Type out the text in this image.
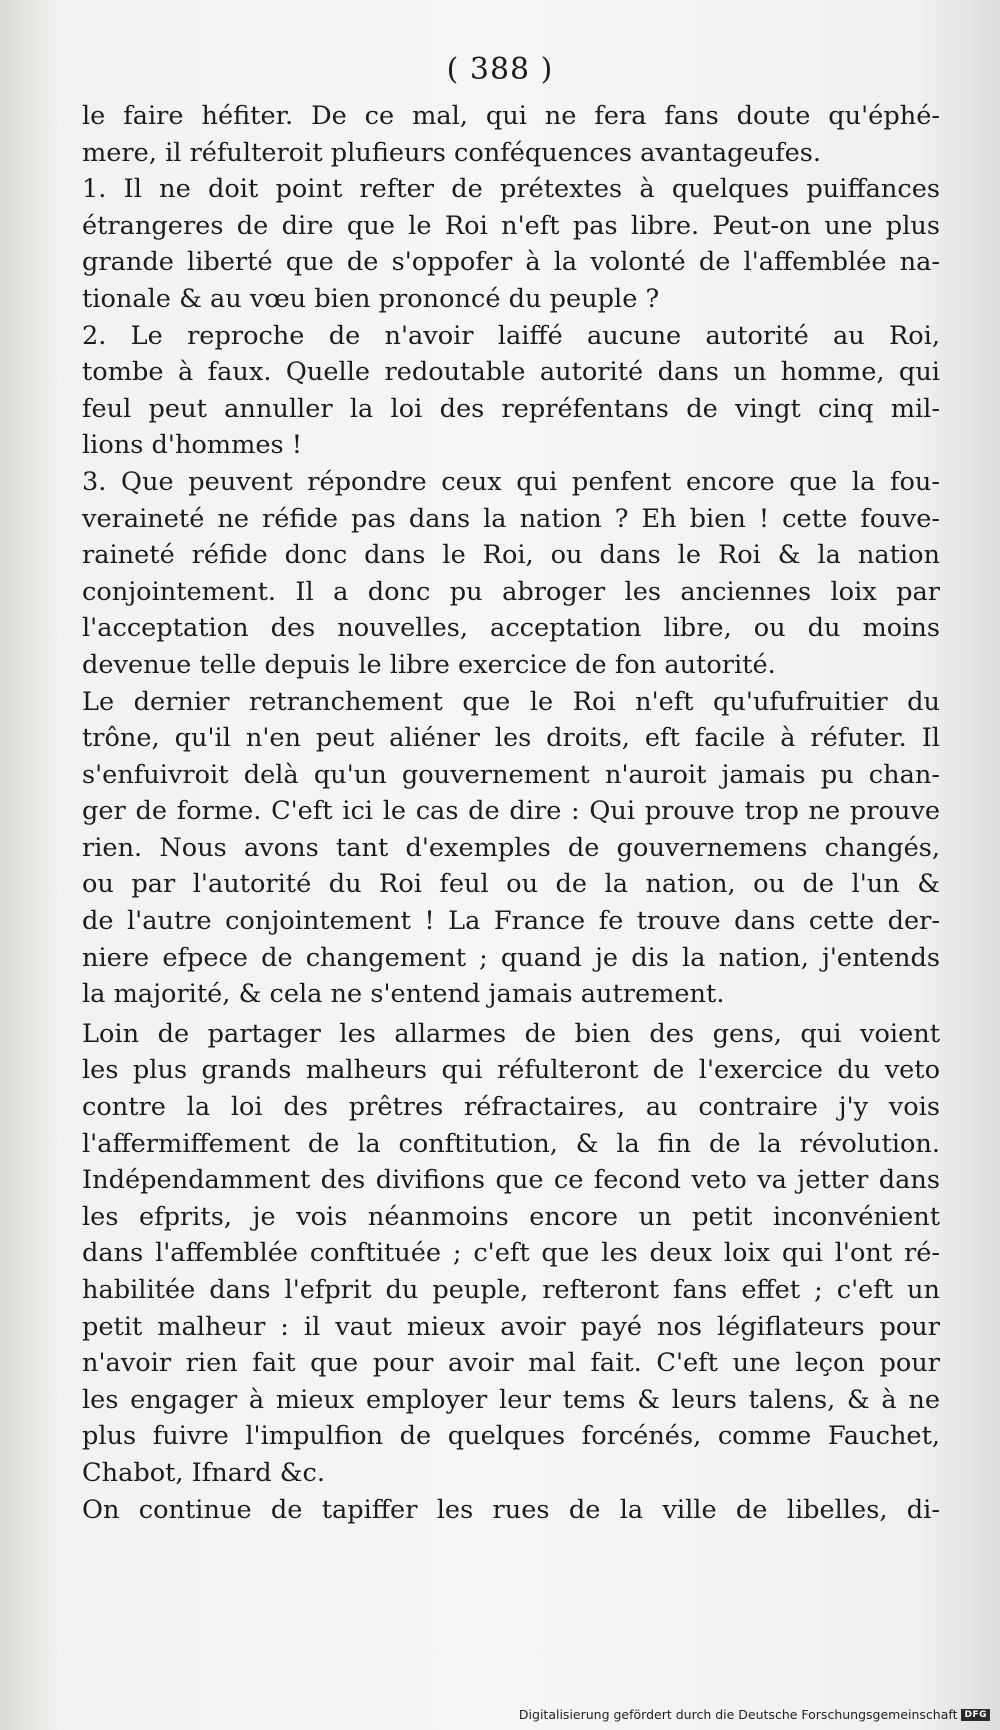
( 388 )
le faire héfiter. De ce mal, qui ne fera fans doute qu'éphé-
mere, il réfulteroit plufieurs conféquences avantageufes.
1. Il ne doit point refter de prétextes à quelques puiffances
étrangeres de dire que le Roi n'eft pas libre. Peut-on une plus
grande liberté que de s'oppofer à la volonté de l'affemblée na-
tionale & au vœu bien prononcé du peuple ?
2. Le reproche de n'avoir laiffé aucune autorité au Roi,
tombe à faux. Quelle redoutable autorité dans un homme, qui
feul peut annuller la loi des repréfentans de vingt cinq mil-
lions d'hommes !
3. Que peuvent répondre ceux qui penfent encore que la fou-
veraineté ne réfide pas dans la nation ? Eh bien ! cette fouve-
raineté réfide donc dans le Roi, ou dans le Roi & la nation
conjointement. Il a donc pu abroger les anciennes loix par
l'acceptation des nouvelles, acceptation libre, ou du moins
devenue telle depuis le libre exercice de fon autorité.
Le dernier retranchement que le Roi n'eft qu'ufufruitier du
trône, qu'il n'en peut aliéner les droits, eft facile à réfuter. Il
s'enfuivroit delà qu'un gouvernement n'auroit jamais pu chan-
ger de forme. C'eft ici le cas de dire : Qui prouve trop ne prouve
rien. Nous avons tant d'exemples de gouvernemens changés,
ou par l'autorité du Roi feul ou de la nation, ou de l'un &
de l'autre conjointement ! La France fe trouve dans cette der-
niere efpece de changement ; quand je dis la nation, j'entends
la majorité, & cela ne s'entend jamais autrement.
Loin de partager les allarmes de bien des gens, qui voient
les plus grands malheurs qui réfulteront de l'exercice du veto
contre la loi des prêtres réfractaires, au contraire j'y vois
l'affermiffement de la conftitution, & la fin de la révolution.
Indépendamment des divifions que ce fecond veto va jetter dans
les efprits, je vois néanmoins encore un petit inconvénient
dans l'affemblée conftituée ; c'eft que les deux loix qui l'ont ré-
habilitée dans l'efprit du peuple, refteront fans effet ; c'eft un
petit malheur : il vaut mieux avoir payé nos légiflateurs pour
n'avoir rien fait que pour avoir mal fait. C'eft une leçon pour
les engager à mieux employer leur tems & leurs talens, & à ne
plus fuivre l'impulfion de quelques forcénés, comme Fauchet,
Chabot, Ifnard &c.
On continue de tapiffer les rues de la ville de libelles, di-
Digitalisierung gefördert durch die Deutsche Forschungsgemeinschaft DFG
